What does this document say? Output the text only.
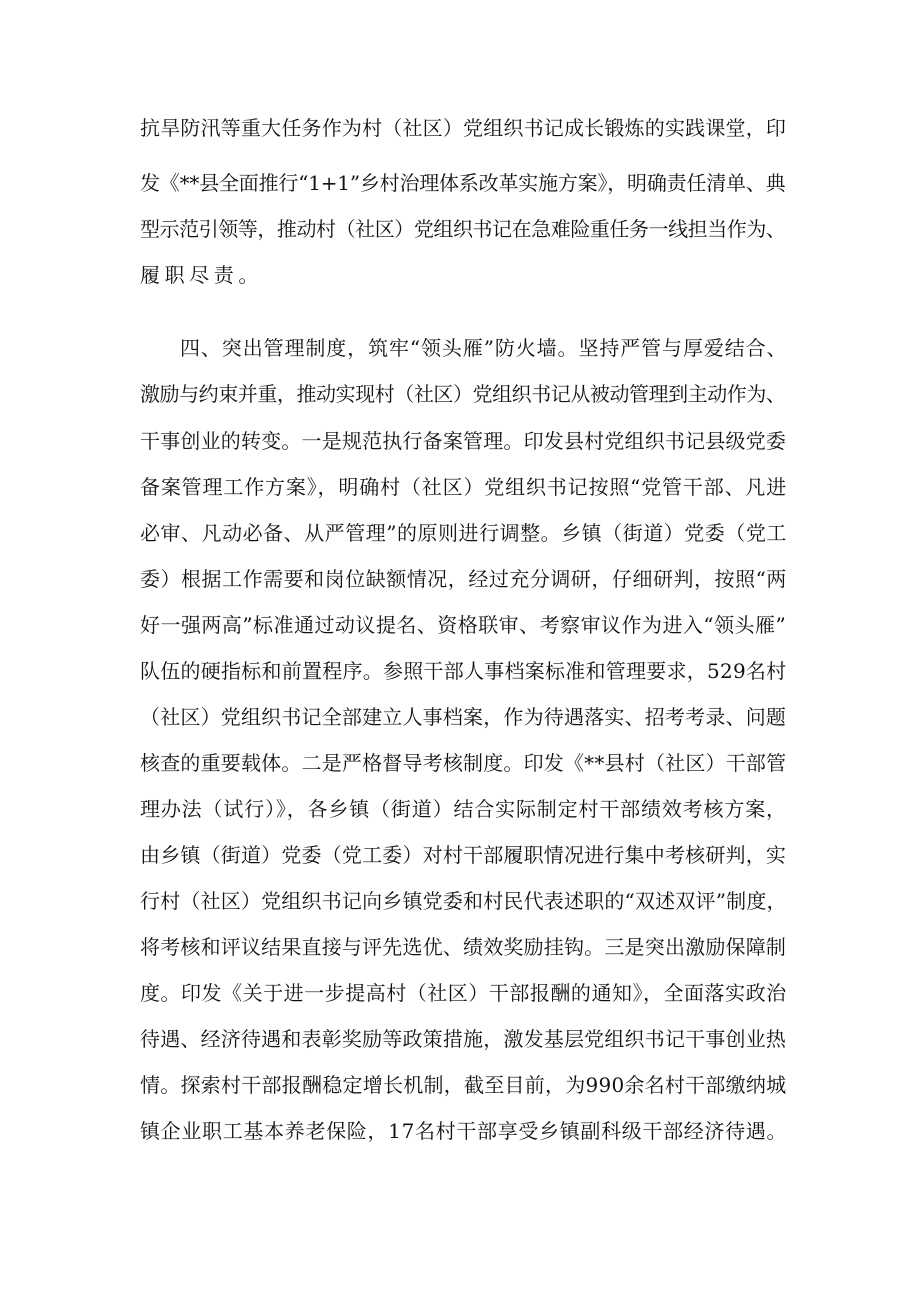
抗旱防汛等重大任务作为村（社区）党组织书记成长锻炼的实践课堂，印
发《**县全面推行“1+1”乡村治理体系改革实施方案》，明确责任清单、典
型示范引领等，推动村（社区）党组织书记在急难险重任务一线担当作为、
履职尽责。
四、突出管理制度，筑牢“领头雁”防火墙。坚持严管与厚爱结合、
激励与约束并重，推动实现村（社区）党组织书记从被动管理到主动作为、
干事创业的转变。一是规范执行备案管理。印发县村党组织书记县级党委
备案管理工作方案》，明确村（社区）党组织书记按照“党管干部、凡进
必审、凡动必备、从严管理”的原则进行调整。乡镇（街道）党委（党工
委）根据工作需要和岗位缺额情况，经过充分调研，仔细研判，按照“两
好一强两高”标准通过动议提名、资格联审、考察审议作为进入“领头雁”
队伍的硬指标和前置程序。参照干部人事档案标准和管理要求，529名村
（社区）党组织书记全部建立人事档案，作为待遇落实、招考考录、问题
核查的重要载体。二是严格督导考核制度。印发《**县村（社区）干部管
理办法（试行）》，各乡镇（街道）结合实际制定村干部绩效考核方案，
由乡镇（街道）党委（党工委）对村干部履职情况进行集中考核研判，实
行村（社区）党组织书记向乡镇党委和村民代表述职的“双述双评”制度，
将考核和评议结果直接与评先选优、绩效奖励挂钩。三是突出激励保障制
度。印发《关于进一步提高村（社区）干部报酬的通知》，全面落实政治
待遇、经济待遇和表彰奖励等政策措施，激发基层党组织书记干事创业热
情。探索村干部报酬稳定增长机制，截至目前，为990余名村干部缴纳城
镇企业职工基本养老保险，17名村干部享受乡镇副科级干部经济待遇。
